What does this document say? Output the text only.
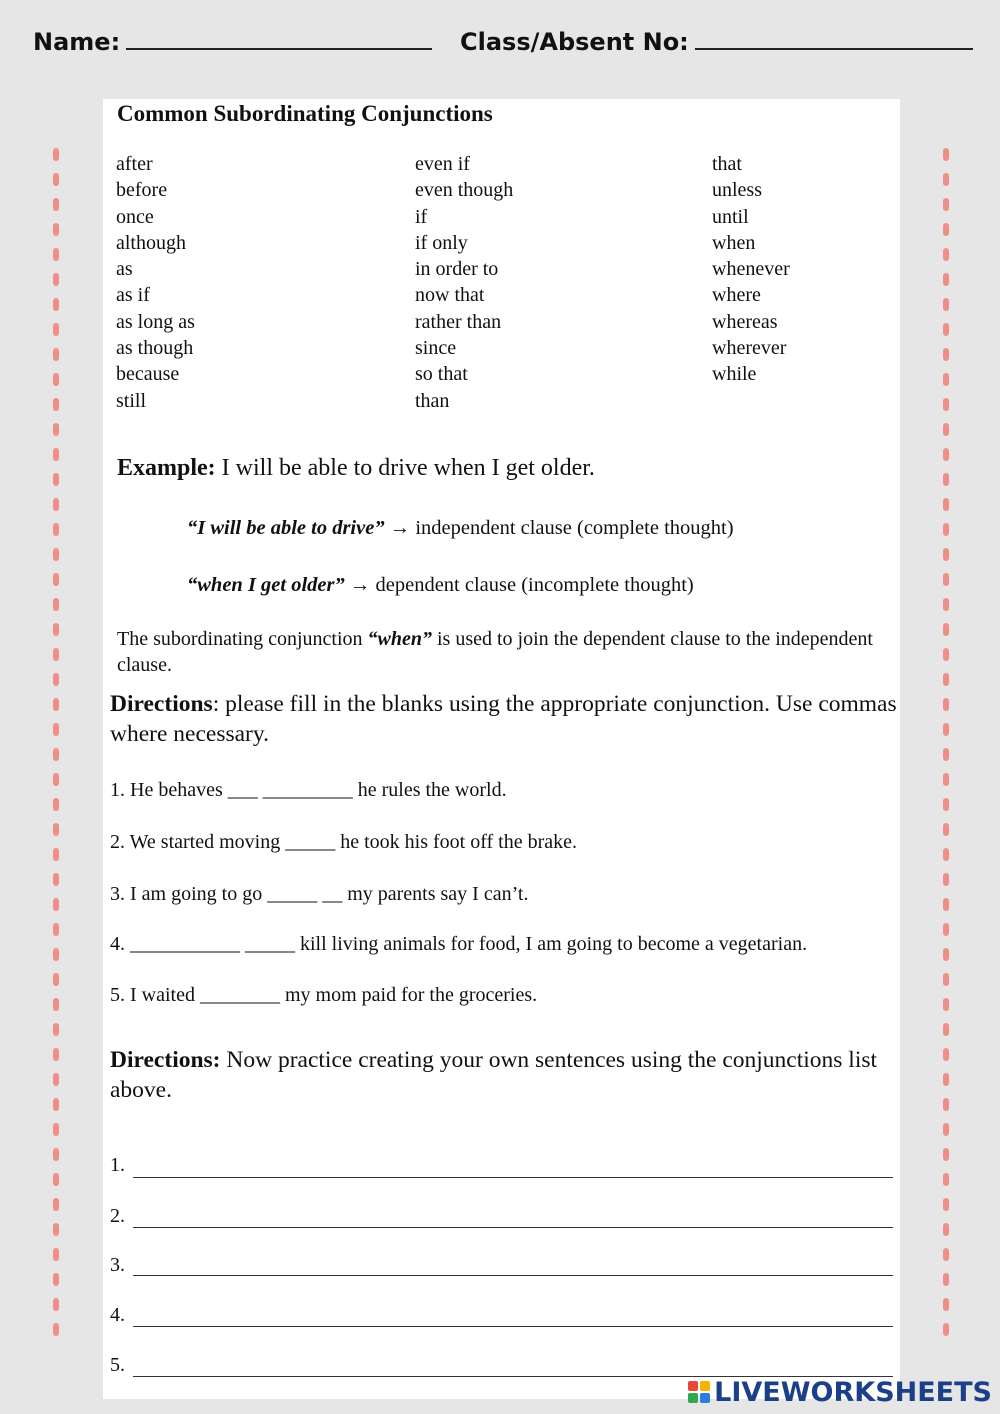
Name:	Class/Absent No:
Common Subordinating Conjunctions
after
before
once
although
as
as if
as long as
as though
because
still
even if
even though
if
if only
in order to
now that
rather than
since
so that
than
that
unless
until
when
whenever
where
whereas
wherever
while
Example: I will be able to drive when I get older.
“I will be able to drive” → independent clause (complete thought)
“when I get older” → dependent clause (incomplete thought)
The subordinating conjunction “when” is used to join the dependent clause to the independent clause.
Directions: please fill in the blanks using the appropriate conjunction. Use commas where necessary.
1. He behaves ___ _________ he rules the world.
2. We started moving _____ he took his foot off the brake.
3. I am going to go _____ __ my parents say I can’t.
4. ___________ _____ kill living animals for food, I am going to become a vegetarian.
5. I waited ________ my mom paid for the groceries.
Directions: Now practice creating your own sentences using the conjunctions list above.
1.
2.
3.
4.
5.
LIVEWORKSHEETS
